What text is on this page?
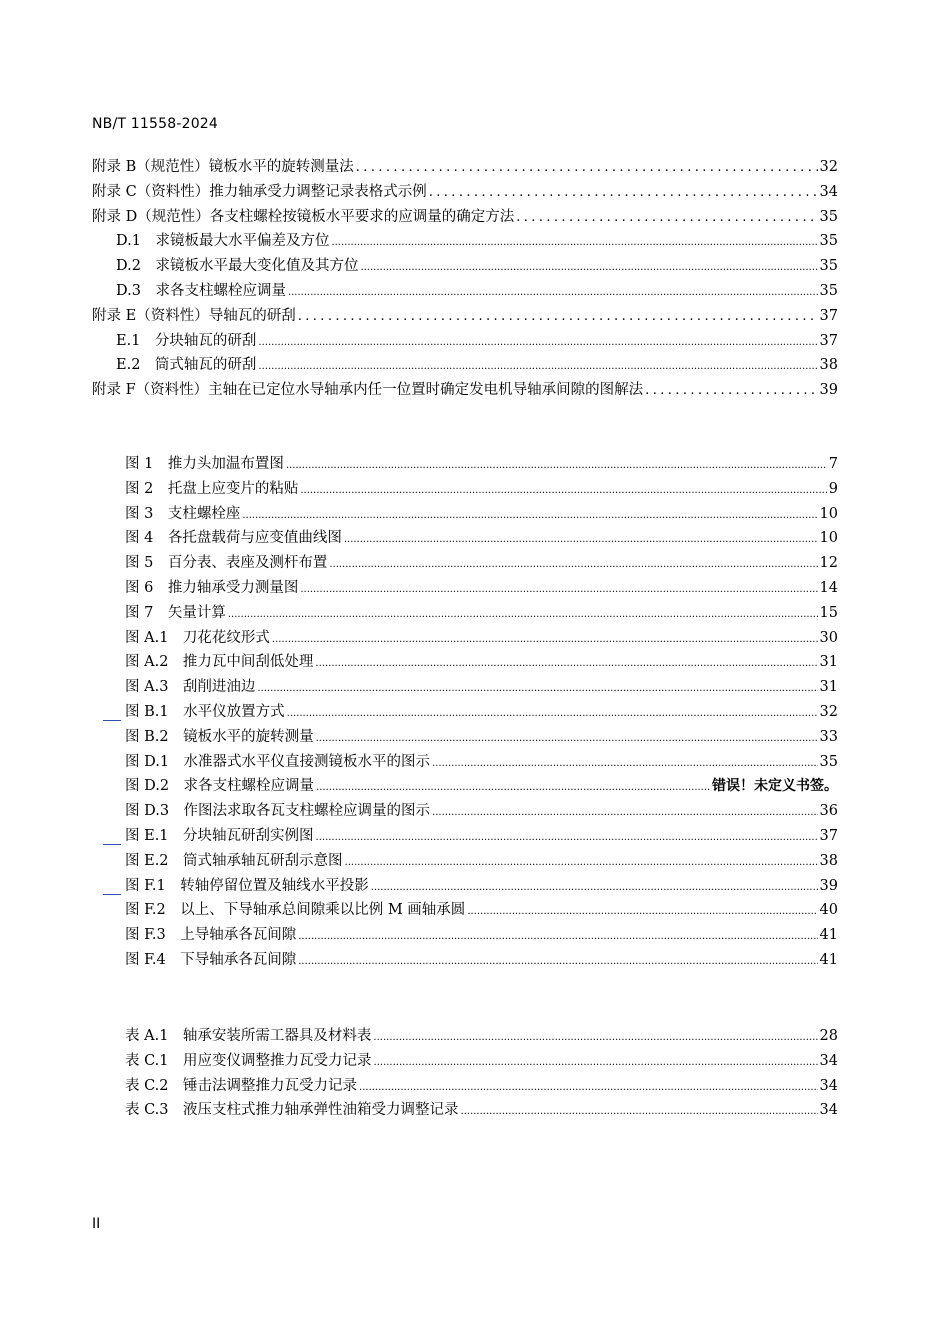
NB/T 11558-2024
附录 B（规范性）镜板水平的旋转测量法 .....	32
附录 C（资料性）推力轴承受力调整记录表格式示例 .....	34
附录 D（规范性）各支柱螺栓按镜板水平要求的应调量的确定方法 .....	35
D.1　求镜板最大水平偏差及方位 .....	35
D.2　求镜板水平最大变化值及其方位 .....	35
D.3　求各支柱螺栓应调量 .....	35
附录 E（资料性）导轴瓦的研刮 .....	37
E.1　分块轴瓦的研刮 .....	37
E.2　筒式轴瓦的研刮 .....	38
附录 F（资料性）主轴在已定位水导轴承内任一位置时确定发电机导轴承间隙的图解法 .....	39
图 1　推力头加温布置图 .....	7
图 2　托盘上应变片的粘贴 .....	9
图 3　支柱螺栓座 .....	10
图 4　各托盘载荷与应变值曲线图 .....	10
图 5　百分表、表座及测杆布置 .....	12
图 6　推力轴承受力测量图 .....	14
图 7　矢量计算 .....	15
图 A.1　刀花花纹形式 .....	30
图 A.2　推力瓦中间刮低处理 .....	31
图 A.3　刮削进油边 .....	31
图 B.1　水平仪放置方式 .....	32
图 B.2　镜板水平的旋转测量 .....	33
图 D.1　水准器式水平仪直接测镜板水平的图示 .....	35
图 D.2　求各支柱螺栓应调量 .....	错误！未定义书签。
图 D.3　作图法求取各瓦支柱螺栓应调量的图示 .....	36
图 E.1　分块轴瓦研刮实例图 .....	37
图 E.2　筒式轴承轴瓦研刮示意图 .....	38
图 F.1　转轴停留位置及轴线水平投影 .....	39
图 F.2　以上、下导轴承总间隙乘以比例 M 画轴承圆 .....	40
图 F.3　上导轴承各瓦间隙 .....	41
图 F.4　下导轴承各瓦间隙 .....	41
表 A.1　轴承安装所需工器具及材料表 .....	28
表 C.1　用应变仪调整推力瓦受力记录 .....	34
表 C.2　锤击法调整推力瓦受力记录 .....	34
表 C.3　液压支柱式推力轴承弹性油箱受力调整记录 .....	34
II
